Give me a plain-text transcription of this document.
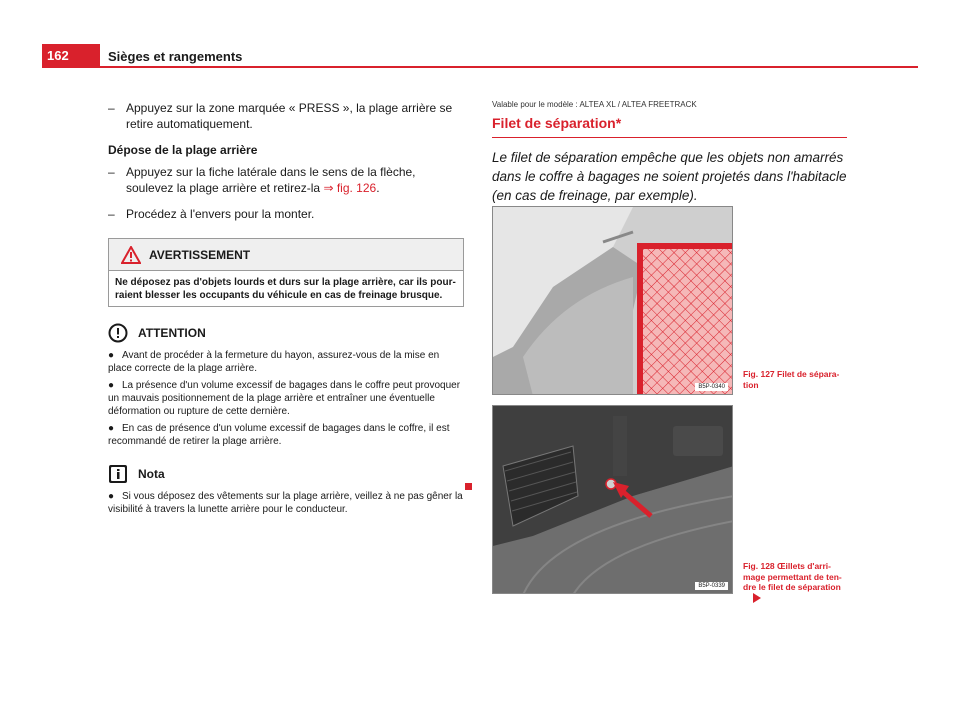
162	Sièges et rangements
– Appuyez sur la zone marquée « PRESS », la plage arrière se retire automatiquement.
Dépose de la plage arrière
– Appuyez sur la fiche latérale dans le sens de la flèche, soulevez la plage arrière et retirez-la ⇒ fig. 126.
– Procédez à l'envers pour la monter.
AVERTISSEMENT
Ne déposez pas d'objets lourds et durs sur la plage arrière, car ils pourraient blesser les occupants du véhicule en cas de freinage brusque.
ATTENTION
● Avant de procéder à la fermeture du hayon, assurez-vous de la mise en place correcte de la plage arrière.
● La présence d'un volume excessif de bagages dans le coffre peut provoquer un mauvais positionnement de la plage arrière et entraîner une éventuelle déformation ou rupture de cette dernière.
● En cas de présence d'un volume excessif de bagages dans le coffre, il est recommandé de retirer la plage arrière.
Nota
● Si vous déposez des vêtements sur la plage arrière, veillez à ne pas gêner la visibilité à travers la lunette arrière pour le conducteur.
Valable pour le modèle : ALTEA XL / ALTEA FREETRACK
Filet de séparation*
Le filet de séparation empêche que les objets non amarrés dans le coffre à bagages ne soient projetés dans l'habitacle (en cas de freinage, par exemple).
B5P-0340
Fig. 127 Filet de séparation
B5P-0339
Fig. 128 Œillets d'arrimage permettant de tendre le filet de séparation
